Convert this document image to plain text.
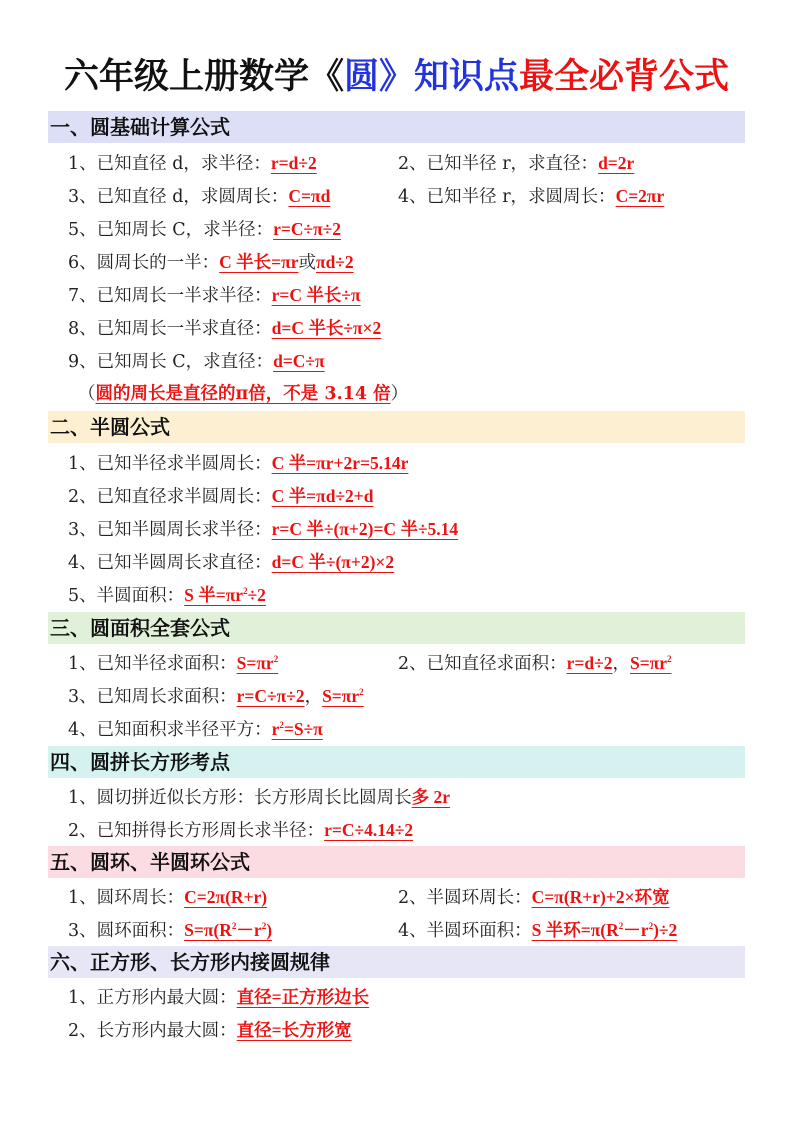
六年级上册数学《圆》知识点最全必背公式
一、圆基础计算公式
1、已知直径 d，求半径：r=d÷2	2、已知半径 r，求直径：d=2r
3、已知直径 d，求圆周长：C=πd	4、已知半径 r，求圆周长：C=2πr
5、已知周长 C，求半径：r=C÷π÷2
6、圆周长的一半：C 半长=πr或πd÷2
7、已知周长一半求半径：r=C 半长÷π
8、已知周长一半求直径：d=C 半长÷π×2
9、已知周长 C，求直径：d=C÷π
（圆的周长是直径的π倍，不是 3.14 倍）
二、半圆公式
1、已知半径求半圆周长：C 半=πr+2r=5.14r
2、已知直径求半圆周长：C 半=πd÷2+d
3、已知半圆周长求半径：r=C 半÷(π+2)=C 半÷5.14
4、已知半圆周长求直径：d=C 半÷(π+2)×2
5、半圆面积：S 半$=\pi r^2\div 2$
三、圆面积全套公式
1、已知半径求面积：$S=\pi r^2$	2、已知直径求面积：r=d÷2，$S=\pi r^2$
3、已知周长求面积：r=C÷π÷2，$S=\pi r^2$
4、已知面积求半径平方：$r^2=S\div\pi$
四、圆拼长方形考点
1、圆切拼近似长方形：长方形周长比圆周长多 2r
2、已知拼得长方形周长求半径：r=C÷4.14÷2
五、圆环、半圆环公式
1、圆环周长：C=2π(R+r)	2、半圆环周长：C=π(R+r)+2×环宽
3、圆环面积：$S=\pi(R^2-r^2)$	4、半圆环面积：S 半环$=\pi(R^2-r^2)\div 2$
六、正方形、长方形内接圆规律
1、正方形内最大圆：直径=正方形边长
2、长方形内最大圆：直径=长方形宽
